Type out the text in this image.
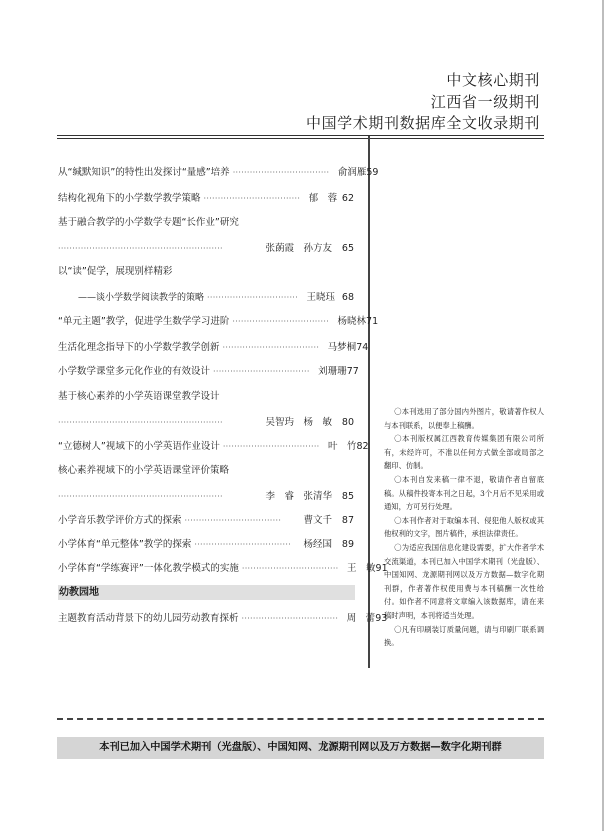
中文核心期刊
江西省一级期刊
中国学术期刊数据库全文收录期刊
从“缄默知识”的特性出发探讨“量感”培养 ·································· 俞润雁 59
结构化视角下的小学数学教学策略 ·································· 郁　蓉 62
基于融合教学的小学数学专题“长作业”研究
··························································	张蓢霞　孙方友	65
以“读”促学，展现别样精彩
——谈小学数学阅读教学的策略 ································ 王晓珏 68
“单元主题”教学，促进学生数学学习进阶 ·································· 杨晓林 71
生活化理念指导下的小学数学教学创新 ·································· 马梦桐 74
小学数学课堂多元化作业的有效设计 ·································· 刘珊珊 77
基于核心素养的小学英语课堂教学设计
··························································	吴智玙　杨　敏	80
“立德树人”视域下的小学英语作业设计 ·································· 叶　竹 82
核心素养视域下的小学英语课堂评价策略
··························································	李　睿　张清华	85
小学音乐教学评价方式的探索 ··································	曹文千	87
小学体育“单元整体”教学的探索 ··································	杨经国	89
小学体育“学练赛评”一体化教学模式的实施 ·································· 王　敏 91
幼教园地
主题教育活动背景下的幼儿园劳动教育探析 ·································· 周　蕾 93

〇本刊选用了部分国内外图片，敬请著作权人与本刊联系，以便奉上稿酬。

〇本刊版权属江西教育传媒集团有限公司所有，未经许可，不准以任何方式做全部或局部之翻印、仿制。

〇本刊自发来稿一律不退，敬请作者自留底稿。从稿件投寄本刊之日起，3个月后不见采用或通知，方可另行处理。

〇本刊作者对于取编本刊、侵犯他人版权或其他权利的文字，图片稿件，承担法律责任。

〇为适应我国信息化建设需要，扩大作者学术交流渠道，本刊已加入中国学术期刊（光盘版）、中国知网、龙源期刊网以及万方数据—数字化期刊群，作者著作权使用费与本刊稿酬一次性给付。如作者不同意将文章编入该数据库，请在来稿时声明，本刊将适当处理。

〇凡有印刷装订质量问题，请与印刷厂联系调换。

本刊已加入中国学术期刊（光盘版）、中国知网、龙源期刊网以及万方数据—数字化期刊群
